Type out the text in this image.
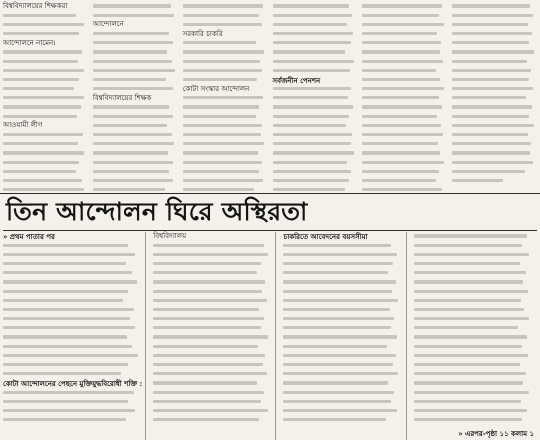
বিশ্ববিদ্যালয়ের শিক্ষকরা
আন্দোলনে নামেন।
আওয়ামী লীগ
আন্দোলনে
বিশ্ববিদ্যালয়ের শিক্ষক
সরকারি চাকরি
কোটা সংস্কার আন্দোলন
সর্বজনীন পেনশন
» এরপর-পৃষ্ঠা ১১ কলাম ১
তিন আন্দোলন ঘিরে অস্থিরতা
» প্রথম পাতার পর
কোটা আন্দোলনের পেছনে মুক্তিযুদ্ধবিরোধী শক্তি :
বিশ্ববিদ্যালয়	চাকরিতে আবেদনের বয়সসীমা
